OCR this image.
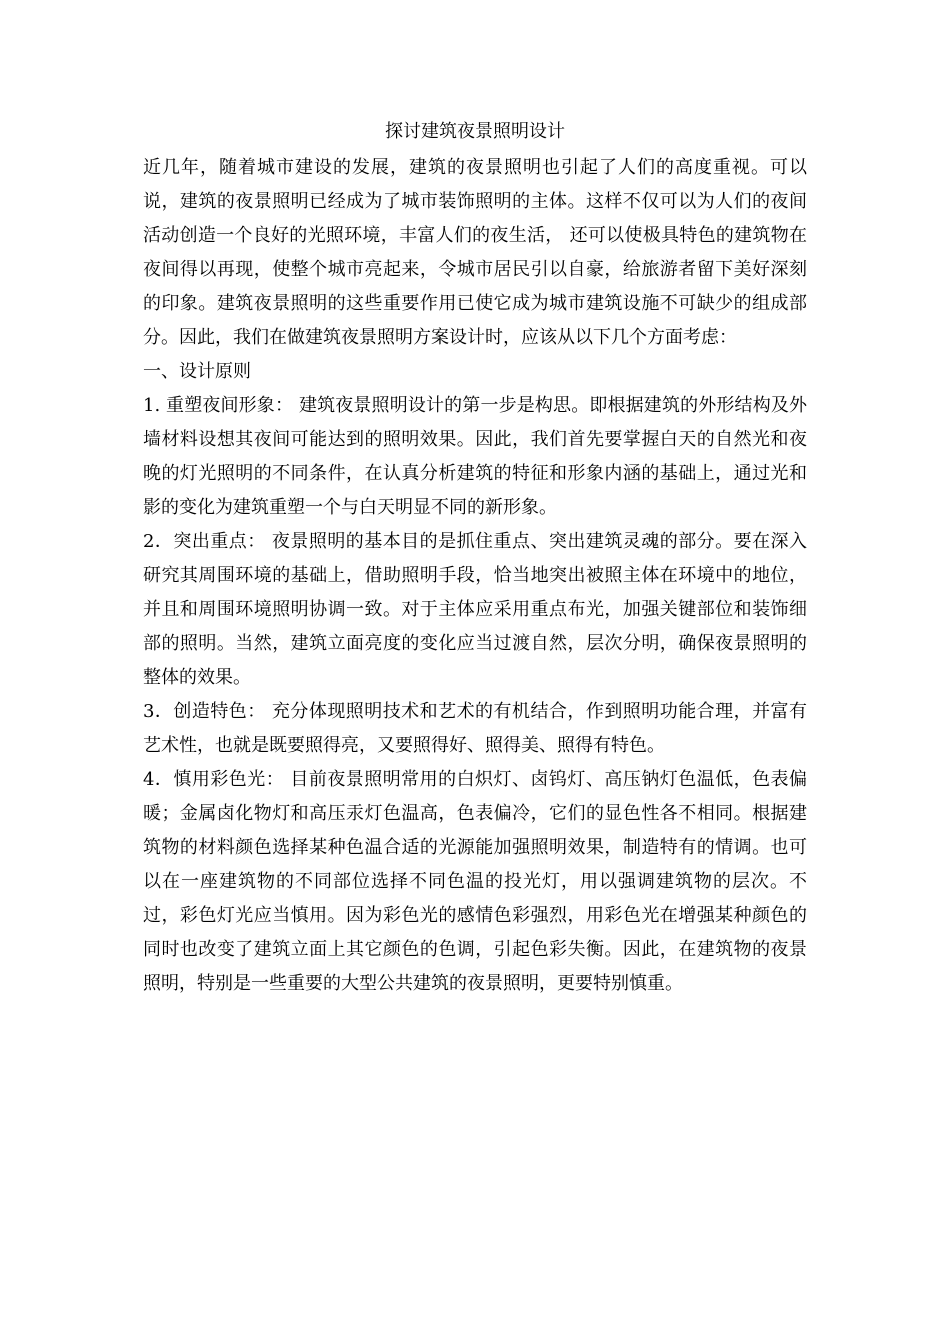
探讨建筑夜景照明设计

近几年，随着城市建设的发展，建筑的夜景照明也引起了人们的高度重视。可以说，建筑的夜景照明已经成为了城市装饰照明的主体。这样不仅可以为人们的夜间活动创造一个良好的光照环境，丰富人们的夜生活， 还可以使极具特色的建筑物在夜间得以再现，使整个城市亮起来，令城市居民引以自豪，给旅游者留下美好深刻的印象。建筑夜景照明的这些重要作用已使它成为城市建筑设施不可缺少的组成部分。因此，我们在做建筑夜景照明方案设计时，应该从以下几个方面考虑：

一、设计原则

1. 重塑夜间形象： 建筑夜景照明设计的第一步是构思。即根据建筑的外形结构及外墙材料设想其夜间可能达到的照明效果。因此，我们首先要掌握白天的自然光和夜晚的灯光照明的不同条件，在认真分析建筑的特征和形象内涵的基础上，通过光和影的变化为建筑重塑一个与白天明显不同的新形象。

2．突出重点： 夜景照明的基本目的是抓住重点、突出建筑灵魂的部分。要在深入研究其周围环境的基础上，借助照明手段，恰当地突出被照主体在环境中的地位，并且和周围环境照明协调一致。对于主体应采用重点布光，加强关键部位和装饰细部的照明。当然，建筑立面亮度的变化应当过渡自然，层次分明，确保夜景照明的整体的效果。

3．创造特色： 充分体现照明技术和艺术的有机结合，作到照明功能合理，并富有艺术性，也就是既要照得亮，又要照得好、照得美、照得有特色。

4．慎用彩色光： 目前夜景照明常用的白炽灯、卤钨灯、高压钠灯色温低，色表偏暖；金属卤化物灯和高压汞灯色温高，色表偏冷，它们的显色性各不相同。根据建筑物的材料颜色选择某种色温合适的光源能加强照明效果，制造特有的情调。也可以在一座建筑物的不同部位选择不同色温的投光灯，用以强调建筑物的层次。不过，彩色灯光应当慎用。因为彩色光的感情色彩强烈，用彩色光在增强某种颜色的同时也改变了建筑立面上其它颜色的色调，引起色彩失衡。因此，在建筑物的夜景照明，特别是一些重要的大型公共建筑的夜景照明，更要特别慎重。
